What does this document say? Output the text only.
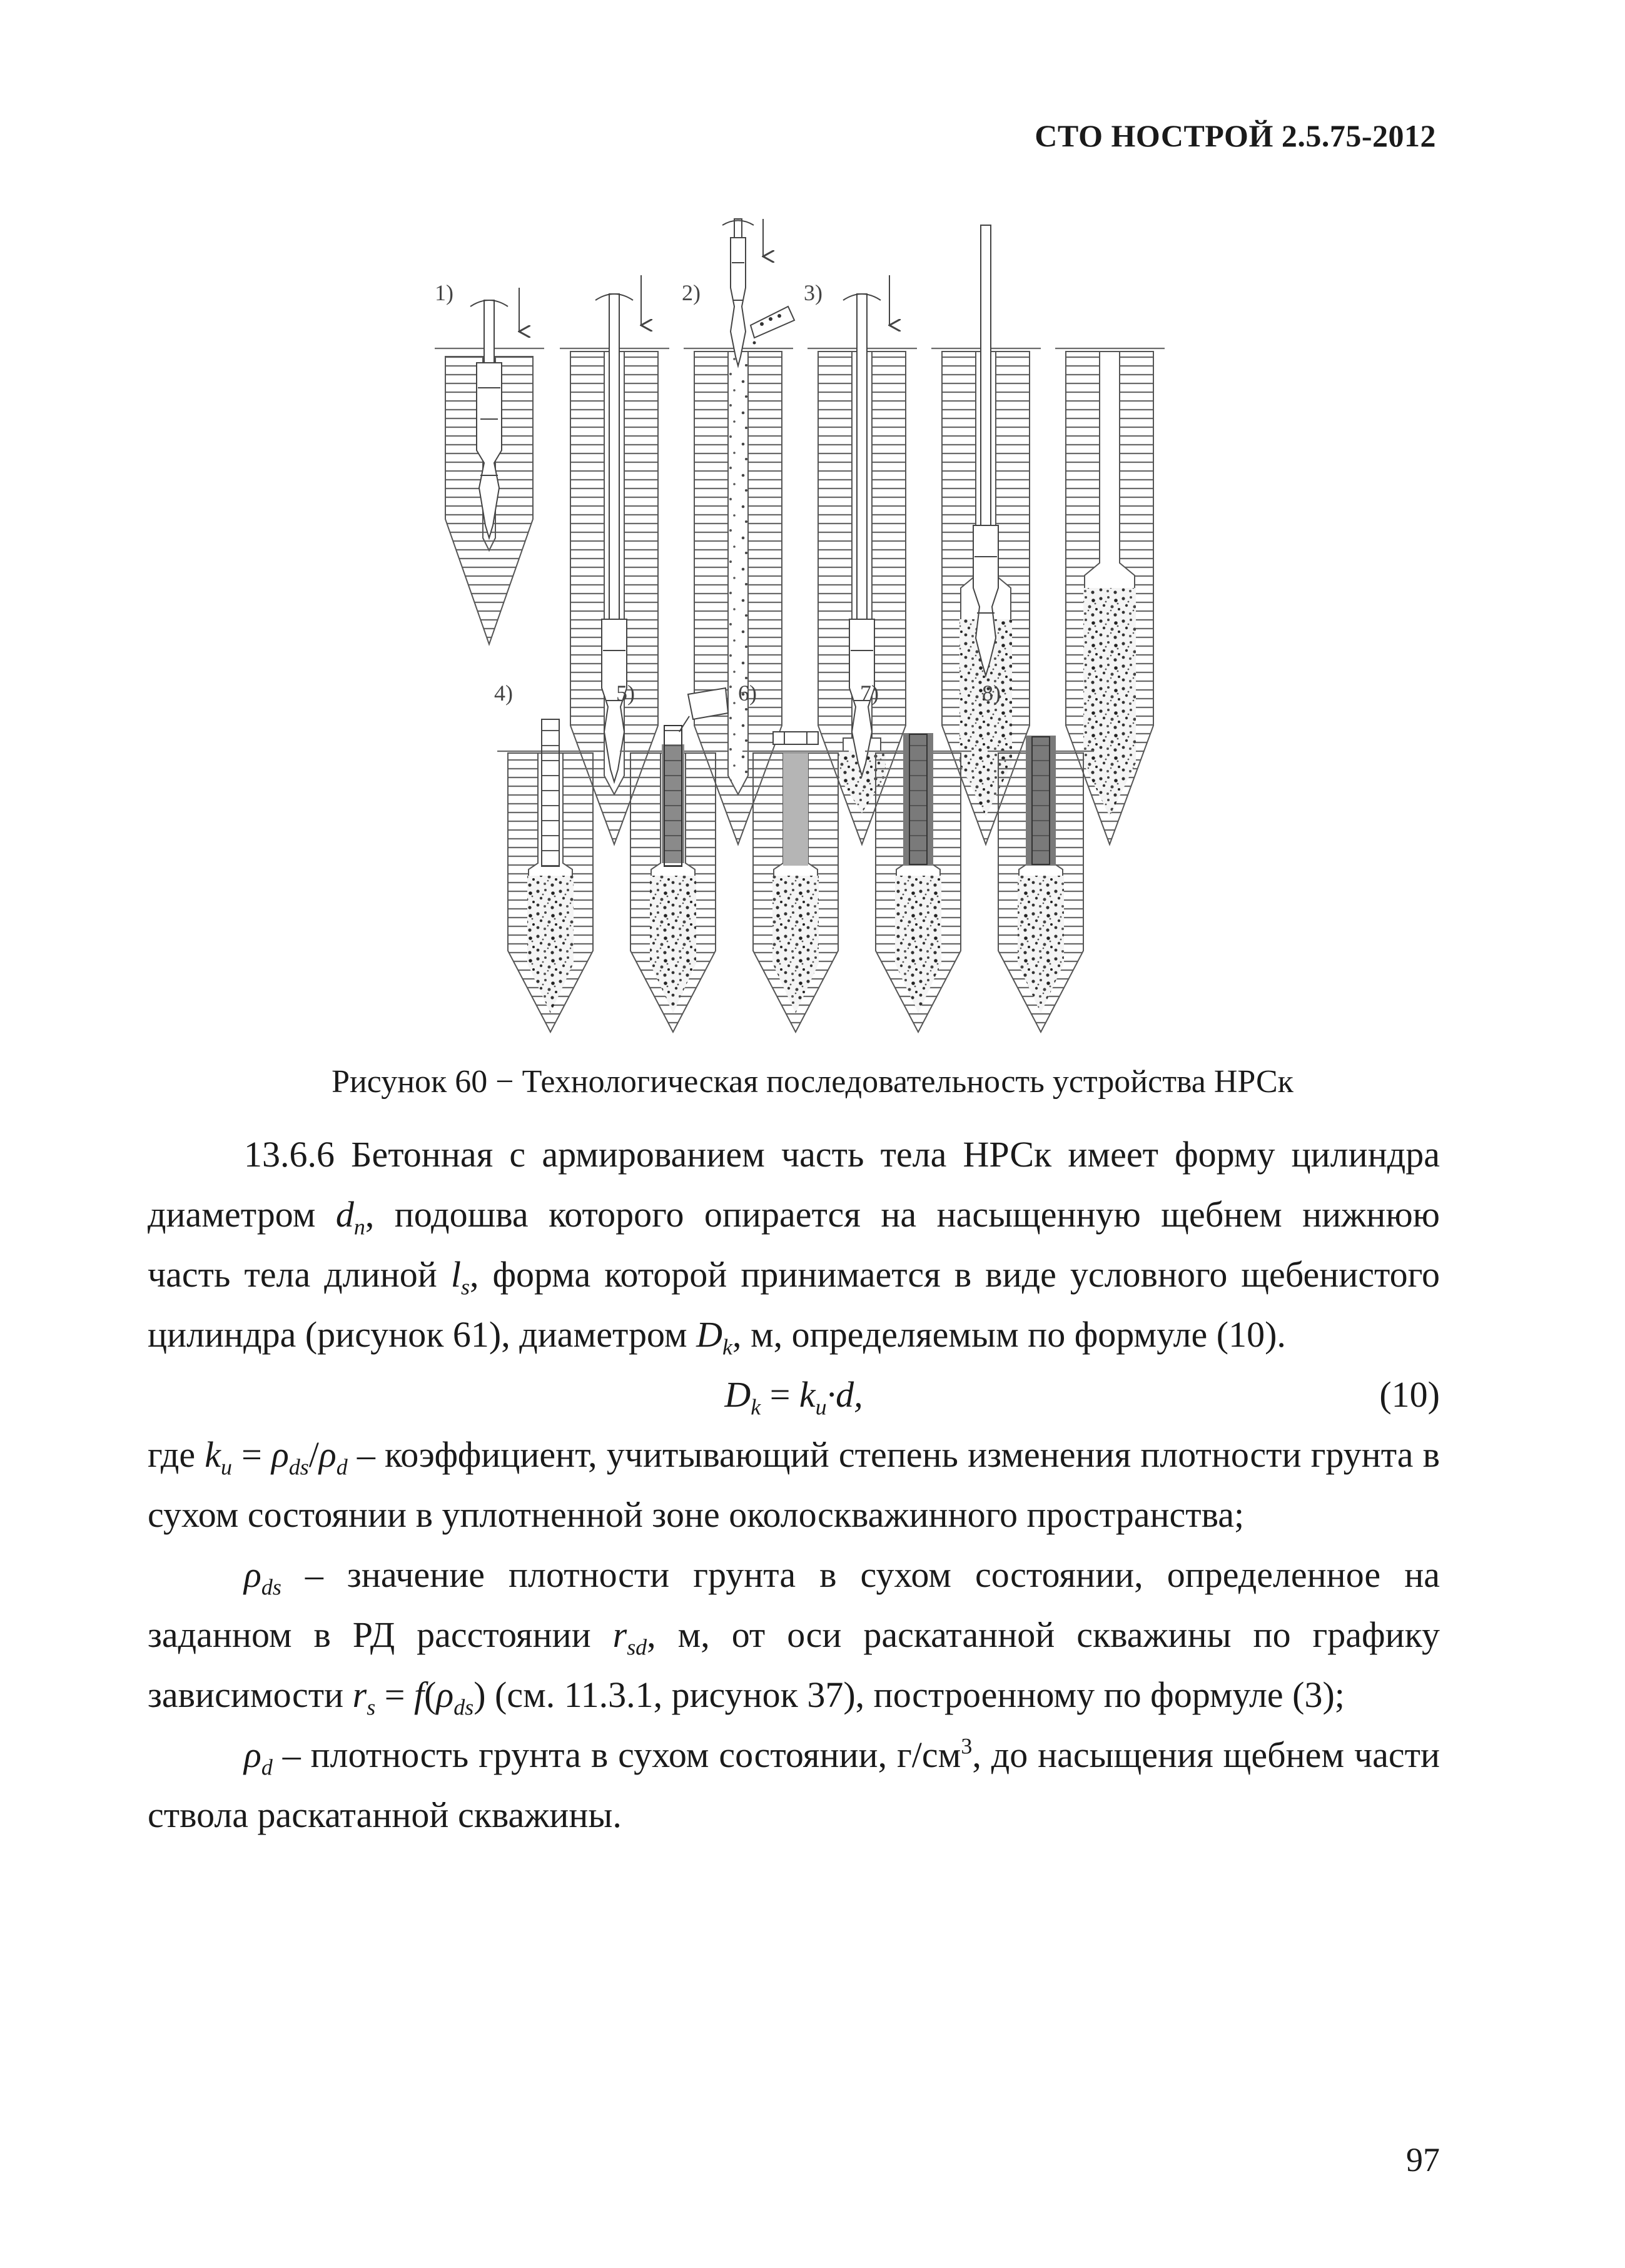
СТО НОСТРОЙ 2.5.75-2012
1)	2)	3)
4)	5)	6)	7)	8)
Рисунок 60 − Технологическая последовательность устройства НРСк

13.6.6 Бетонная с армированием часть тела НРСк имеет форму цилиндра диаметром $d_n$, подошва которого опирается на насыщенную щебнем нижнюю часть тела длиной $l_s$, форма которой принимается в виде условного щебенистого цилиндра (рисунок 61), диаметром $D_k$, м, определяемым по формуле (10).

$D_k = k_u\cdot d$,	(10)

где $k_u = \rho_{ds}/\rho_d$ – коэффициент, учитывающий степень изменения плотности грунта в сухом состоянии в уплотненной зоне околоскважинного пространства;

$\rho_{ds}$ – значение плотности грунта в сухом состоянии, определенное на заданном в РД расстоянии $r_{sd}$, м, от оси раскатанной скважины по графику зависимости $r_s = f(\rho_{ds})$ (см. 11.3.1, рисунок 37), построенному по формуле (3);

$\rho_d$ – плотность грунта в сухом состоянии, $г/см^3$, до насыщения щебнем части ствола раскатанной скважины.

97
